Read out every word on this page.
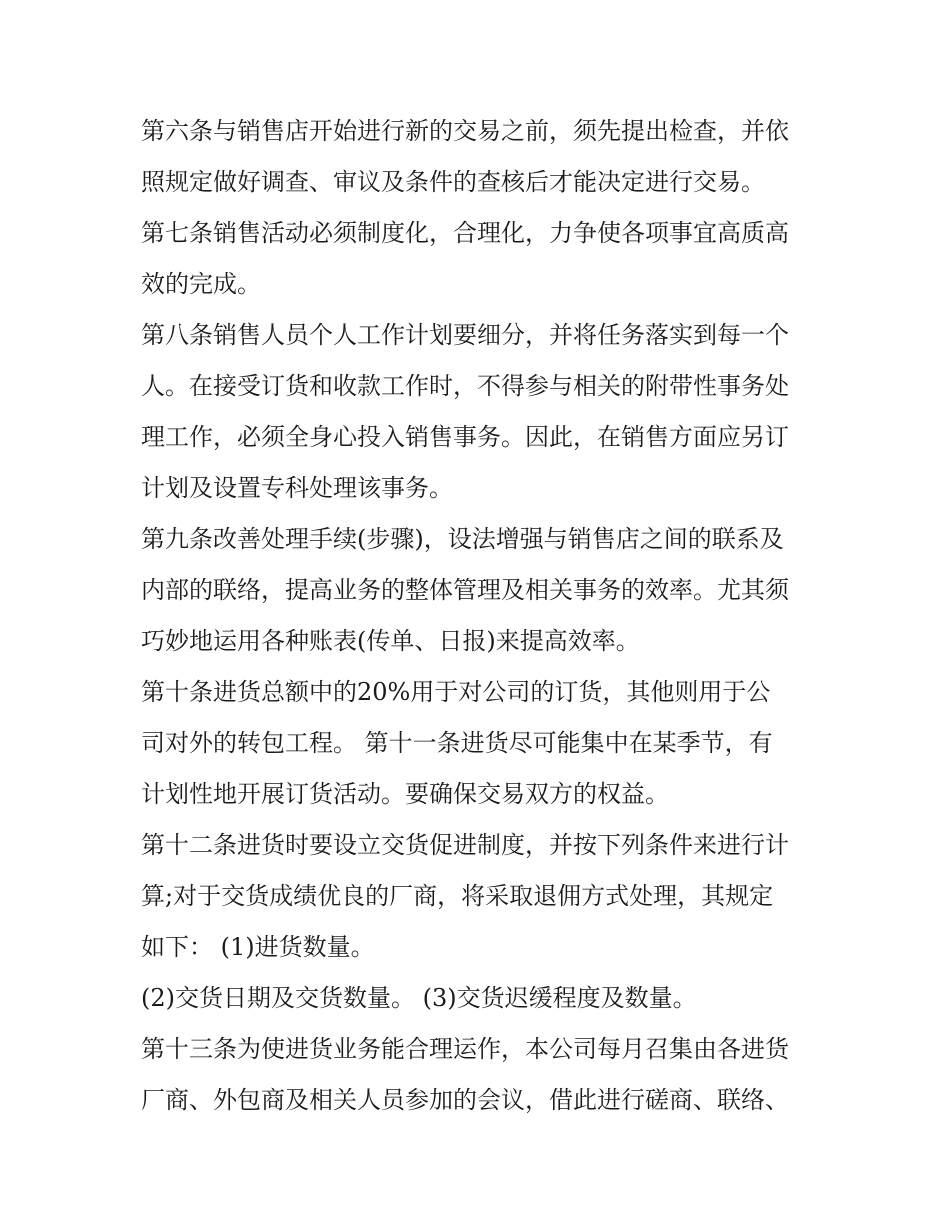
第六条与销售店开始进行新的交易之前，须先提出检查，并依
照规定做好调查、审议及条件的查核后才能决定进行交易。

第七条销售活动必须制度化，合理化，力争使各项事宜高质高
效的完成。

第八条销售人员个人工作计划要细分，并将任务落实到每一个
人。在接受订货和收款工作时，不得参与相关的附带性事务处
理工作，必须全身心投入销售事务。因此，在销售方面应另订
计划及设置专科处理该事务。

第九条改善处理手续(步骤)，设法增强与销售店之间的联系及
内部的联络，提高业务的整体管理及相关事务的效率。尤其须
巧妙地运用各种账表(传单、日报)来提高效率。

第十条进货总额中的20%用于对公司的订货，其他则用于公
司对外的转包工程。 第十一条进货尽可能集中在某季节，有
计划性地开展订货活动。要确保交易双方的权益。

第十二条进货时要设立交货促进制度，并按下列条件来进行计
算;对于交货成绩优良的厂商，将采取退佣方式处理，其规定
如下： (1)进货数量。

(2)交货日期及交货数量。 (3)交货迟缓程度及数量。

第十三条为使进货业务能合理运作，本公司每月召集由各进货
厂商、外包商及相关人员参加的会议，借此进行磋商、联络、
